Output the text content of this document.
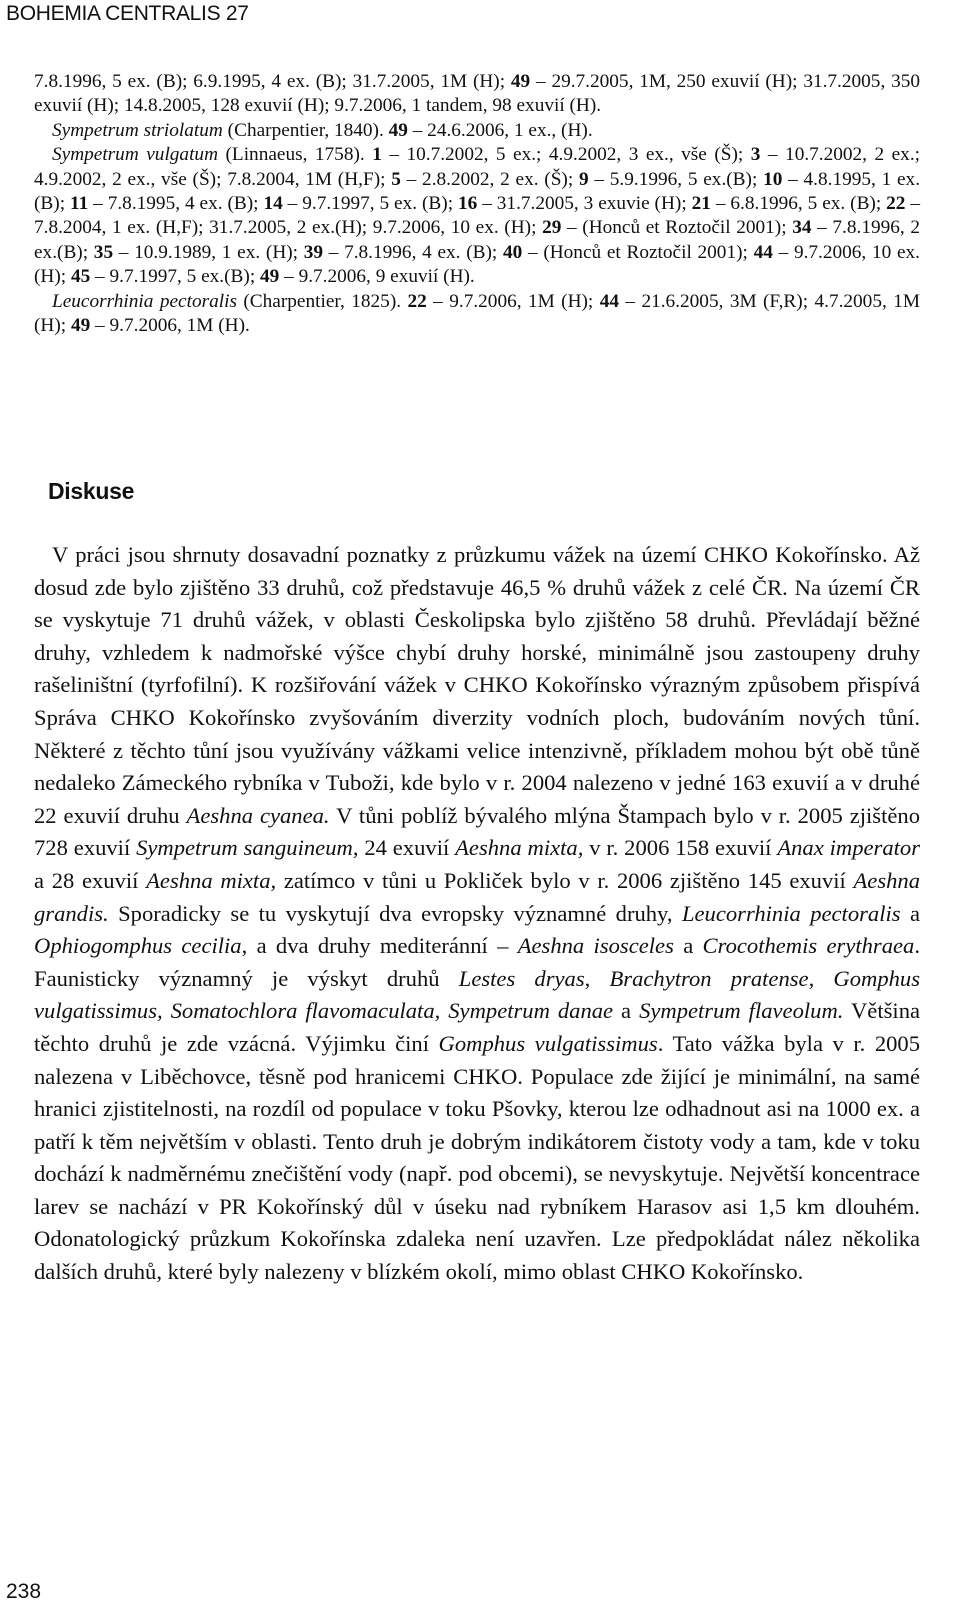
BOHEMIA CENTRALIS 27

7.8.1996, 5 ex. (B); 6.9.1995, 4 ex. (B); 31.7.2005, 1M (H); 49 – 29.7.2005, 1M, 250 exuvií (H); 31.7.2005, 350 exuvií (H); 14.8.2005, 128 exuvií (H); 9.7.2006, 1 tandem, 98 exuvií (H).

Sympetrum striolatum (Charpentier, 1840). 49 – 24.6.2006, 1 ex., (H).

Sympetrum vulgatum (Linnaeus, 1758). 1 – 10.7.2002, 5 ex.; 4.9.2002, 3 ex., vše (Š); 3 – 10.7.2002, 2 ex.; 4.9.2002, 2 ex., vše (Š); 7.8.2004, 1M (H,F); 5 – 2.8.2002, 2 ex. (Š); 9 – 5.9.1996, 5 ex.(B); 10 – 4.8.1995, 1 ex. (B); 11 – 7.8.1995, 4 ex. (B); 14 – 9.7.1997, 5 ex. (B); 16 – 31.7.2005, 3 exuvie (H); 21 – 6.8.1996, 5 ex. (B); 22 – 7.8.2004, 1 ex. (H,F); 31.7.2005, 2 ex.(H); 9.7.2006, 10 ex. (H); 29 – (Honců et Roztočil 2001); 34 – 7.8.1996, 2 ex.(B); 35 – 10.9.1989, 1 ex. (H); 39 – 7.8.1996, 4 ex. (B); 40 – (Honců et Roztočil 2001); 44 – 9.7.2006, 10 ex. (H); 45 – 9.7.1997, 5 ex.(B); 49 – 9.7.2006, 9 exuvií (H).

Leucorrhinia pectoralis (Charpentier, 1825). 22 – 9.7.2006, 1M (H); 44 – 21.6.2005, 3M (F,R); 4.7.2005, 1M (H); 49 – 9.7.2006, 1M (H).

Diskuse

V práci jsou shrnuty dosavadní poznatky z průzkumu vážek na území CHKO Kokořínsko. Až dosud zde bylo zjištěno 33 druhů, což představuje 46,5 % druhů vážek z celé ČR. Na území ČR se vyskytuje 71 druhů vážek, v oblasti Českolipska bylo zjištěno 58 druhů. Převládají běžné druhy, vzhledem k nadmořské výšce chybí druhy horské, minimálně jsou zastoupeny druhy rašeliništní (tyrfofilní). K rozšiřování vážek v CHKO Kokořínsko výrazným způsobem přispívá Správa CHKO Kokořínsko zvyšováním diverzity vodních ploch, budováním nových tůní. Některé z těchto tůní jsou využívány vážkami velice intenzivně, příkladem mohou být obě tůně nedaleko Zámeckého rybníka v Tuboži, kde bylo v r. 2004 nalezeno v jedné 163 exuvií a v druhé 22 exuvií druhu Aeshna cyanea. V tůni poblíž bývalého mlýna Štampach bylo v r. 2005 zjištěno 728 exuvií Sympetrum sanguineum, 24 exuvií Aeshna mixta, v r. 2006 158 exuvií Anax imperator a 28 exuvií Aeshna mixta, zatímco v tůni u Pokliček bylo v r. 2006 zjištěno 145 exuvií Aeshna grandis. Sporadicky se tu vyskytují dva evropsky významné druhy, Leucorrhinia pectoralis a Ophiogomphus cecilia, a dva druhy mediteránní – Aeshna isosceles a Crocothemis erythraea. Faunisticky významný je výskyt druhů Lestes dryas, Brachytron pratense, Gomphus vulgatissimus, Somatochlora flavomaculata, Sympetrum danae a Sympetrum flaveolum. Většina těchto druhů je zde vzácná. Výjimku činí Gomphus vulgatissimus. Tato vážka byla v r. 2005 nalezena v Liběchovce, těsně pod hranicemi CHKO. Populace zde žijící je minimální, na samé hranici zjistitelnosti, na rozdíl od populace v toku Pšovky, kterou lze odhadnout asi na 1000 ex. a patří k těm největším v oblasti. Tento druh je dobrým indikátorem čistoty vody a tam, kde v toku dochází k nadměrnému znečištění vody (např. pod obcemi), se nevyskytuje. Největší koncentrace larev se nachází v PR Kokořínský důl v úseku nad rybníkem Harasov asi 1,5 km dlouhém. Odonatologický průzkum Kokořínska zdaleka není uzavřen. Lze předpokládat nález několika dalších druhů, které byly nalezeny v blízkém okolí, mimo oblast CHKO Kokořínsko.

238
